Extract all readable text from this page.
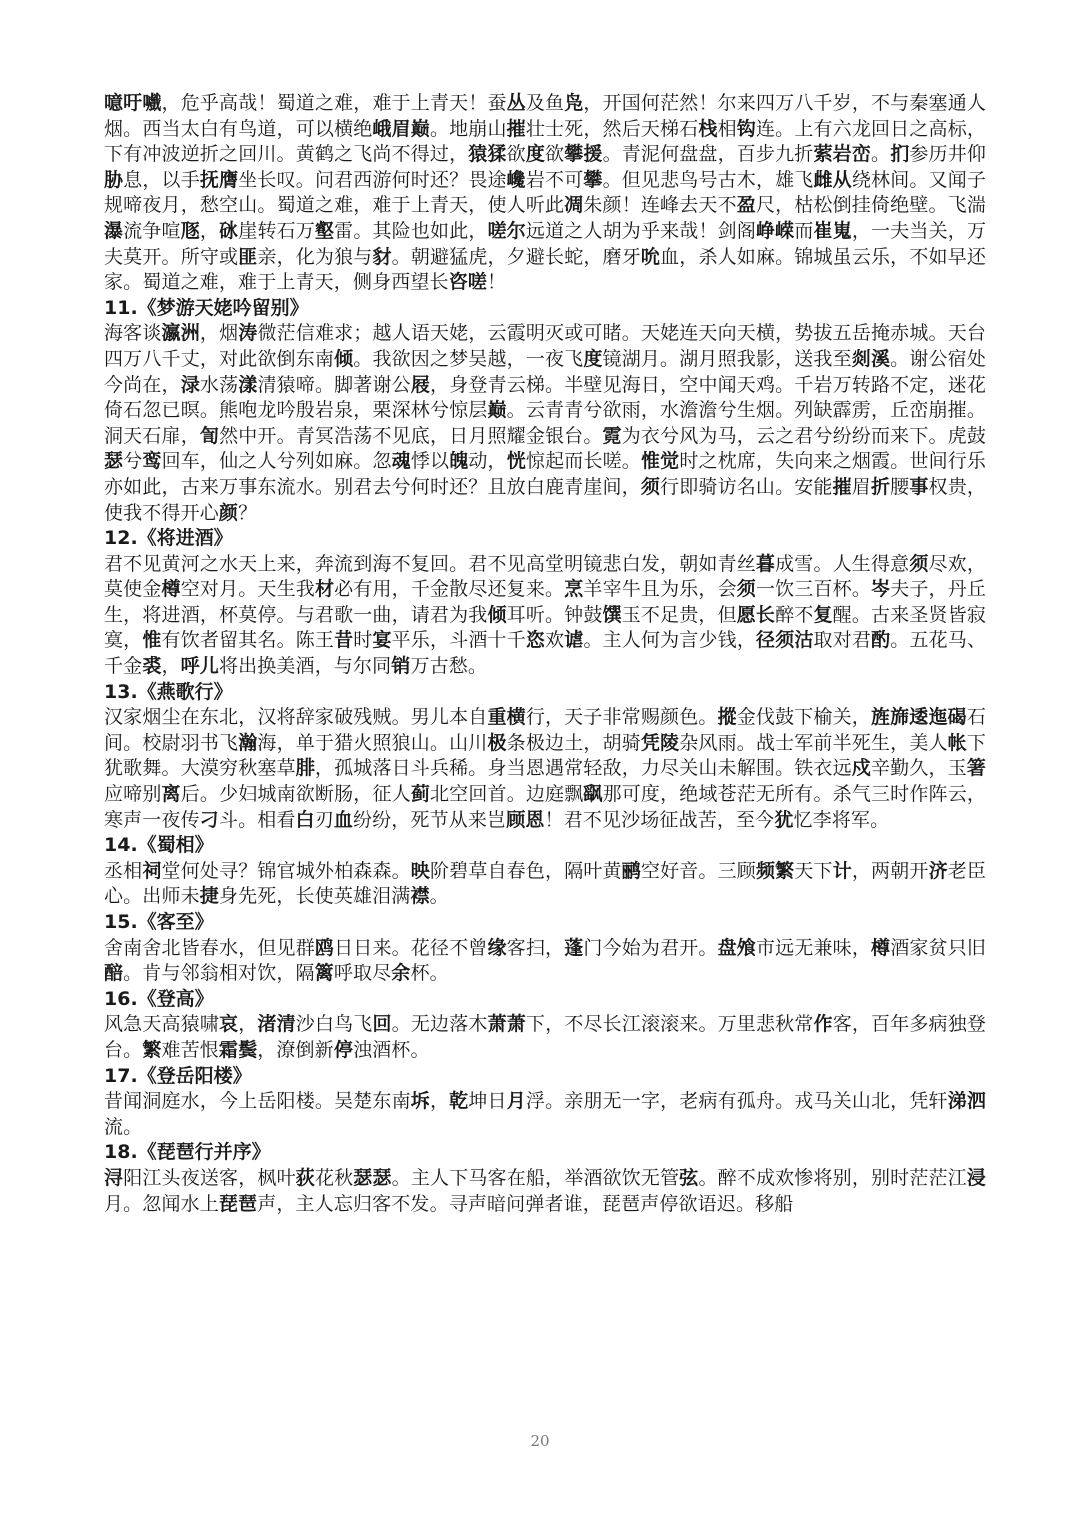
噫吁嚱，危乎高哉！蜀道之难，难于上青天！蚕丛及鱼凫，开国何茫然！尔来四万八千岁，不与秦塞通人烟。西当太白有鸟道，可以横绝峨眉巅。地崩山摧壮士死，然后天梯石栈相钩连。上有六龙回日之高标，下有冲波逆折之回川。黄鹤之飞尚不得过，猿猱欲度欲攀援。青泥何盘盘，百步九折萦岩峦。扪参历井仰胁息，以手抚膺坐长叹。问君西游何时还？畏途巉岩不可攀。但见悲鸟号古木，雄飞雌从绕林间。又闻子规啼夜月，愁空山。蜀道之难，难于上青天，使人听此凋朱颜！连峰去天不盈尺，枯松倒挂倚绝壁。飞湍瀑流争喧豗，砯崖转石万壑雷。其险也如此，嗟尔远道之人胡为乎来哉！剑阁峥嵘而崔嵬，一夫当关，万夫莫开。所守或匪亲，化为狼与豺。朝避猛虎，夕避长蛇，磨牙吮血，杀人如麻。锦城虽云乐，不如早还家。蜀道之难，难于上青天，侧身西望长咨嗟！

11.《梦游天姥吟留别》

海客谈瀛洲，烟涛微茫信难求；越人语天姥，云霞明灭或可睹。天姥连天向天横，势拔五岳掩赤城。天台四万八千丈，对此欲倒东南倾。我欲因之梦吴越，一夜飞度镜湖月。湖月照我影，送我至剡溪。谢公宿处今尚在，渌水荡漾清猿啼。脚著谢公屐，身登青云梯。半壁见海日，空中闻天鸡。千岩万转路不定，迷花倚石忽已暝。熊咆龙吟殷岩泉，栗深林兮惊层巅。云青青兮欲雨，水澹澹兮生烟。列缺霹雳，丘峦崩摧。洞天石扉，訇然中开。青冥浩荡不见底，日月照耀金银台。霓为衣兮风为马，云之君兮纷纷而来下。虎鼓瑟兮鸾回车，仙之人兮列如麻。忽魂悸以魄动，恍惊起而长嗟。惟觉时之枕席，失向来之烟霞。世间行乐亦如此，古来万事东流水。别君去兮何时还？且放白鹿青崖间，须行即骑访名山。安能摧眉折腰事权贵，使我不得开心颜？

12.《将进酒》

君不见黄河之水天上来，奔流到海不复回。君不见高堂明镜悲白发，朝如青丝暮成雪。人生得意须尽欢，莫使金樽空对月。天生我材必有用，千金散尽还复来。烹羊宰牛且为乐，会须一饮三百杯。岑夫子，丹丘生，将进酒，杯莫停。与君歌一曲，请君为我倾耳听。钟鼓馔玉不足贵，但愿长醉不复醒。古来圣贤皆寂寞，惟有饮者留其名。陈王昔时宴平乐，斗酒十千恣欢谑。主人何为言少钱，径须沽取对君酌。五花马、千金裘，呼儿将出换美酒，与尔同销万古愁。

13.《燕歌行》

汉家烟尘在东北，汉将辞家破残贼。男儿本自重横行，天子非常赐颜色。摐金伐鼓下榆关，旌旆逶迤碣石间。校尉羽书飞瀚海，单于猎火照狼山。山川极条极边土，胡骑凭陵杂风雨。战士军前半死生，美人帐下犹歌舞。大漠穷秋塞草腓，孤城落日斗兵稀。身当恩遇常轻敌，力尽关山未解围。铁衣远戍辛勤久，玉箸应啼别离后。少妇城南欲断肠，征人蓟北空回首。边庭飘飖那可度，绝域苍茫无所有。杀气三时作阵云，寒声一夜传刁斗。相看白刃血纷纷，死节从来岂顾恩！君不见沙场征战苦，至今犹忆李将军。

14.《蜀相》

丞相祠堂何处寻？锦官城外柏森森。映阶碧草自春色，隔叶黄鹂空好音。三顾频繁天下计，两朝开济老臣心。出师未捷身先死，长使英雄泪满襟。

15.《客至》

舍南舍北皆春水，但见群鸥日日来。花径不曾缘客扫，蓬门今始为君开。盘飧市远无兼味，樽酒家贫只旧醅。肯与邻翁相对饮，隔篱呼取尽余杯。

16.《登高》

风急天高猿啸哀，渚清沙白鸟飞回。无边落木萧萧下，不尽长江滚滚来。万里悲秋常作客，百年多病独登台。繁难苦恨霜鬓，潦倒新停浊酒杯。

17.《登岳阳楼》

昔闻洞庭水，今上岳阳楼。吴楚东南坼，乾坤日月浮。亲朋无一字，老病有孤舟。戎马关山北，凭轩涕泗流。

18.《琵琶行并序》

浔阳江头夜送客，枫叶荻花秋瑟瑟。主人下马客在船，举酒欲饮无管弦。醉不成欢惨将别，别时茫茫江浸月。忽闻水上琵琶声，主人忘归客不发。寻声暗问弹者谁，琵琶声停欲语迟。移船

20
